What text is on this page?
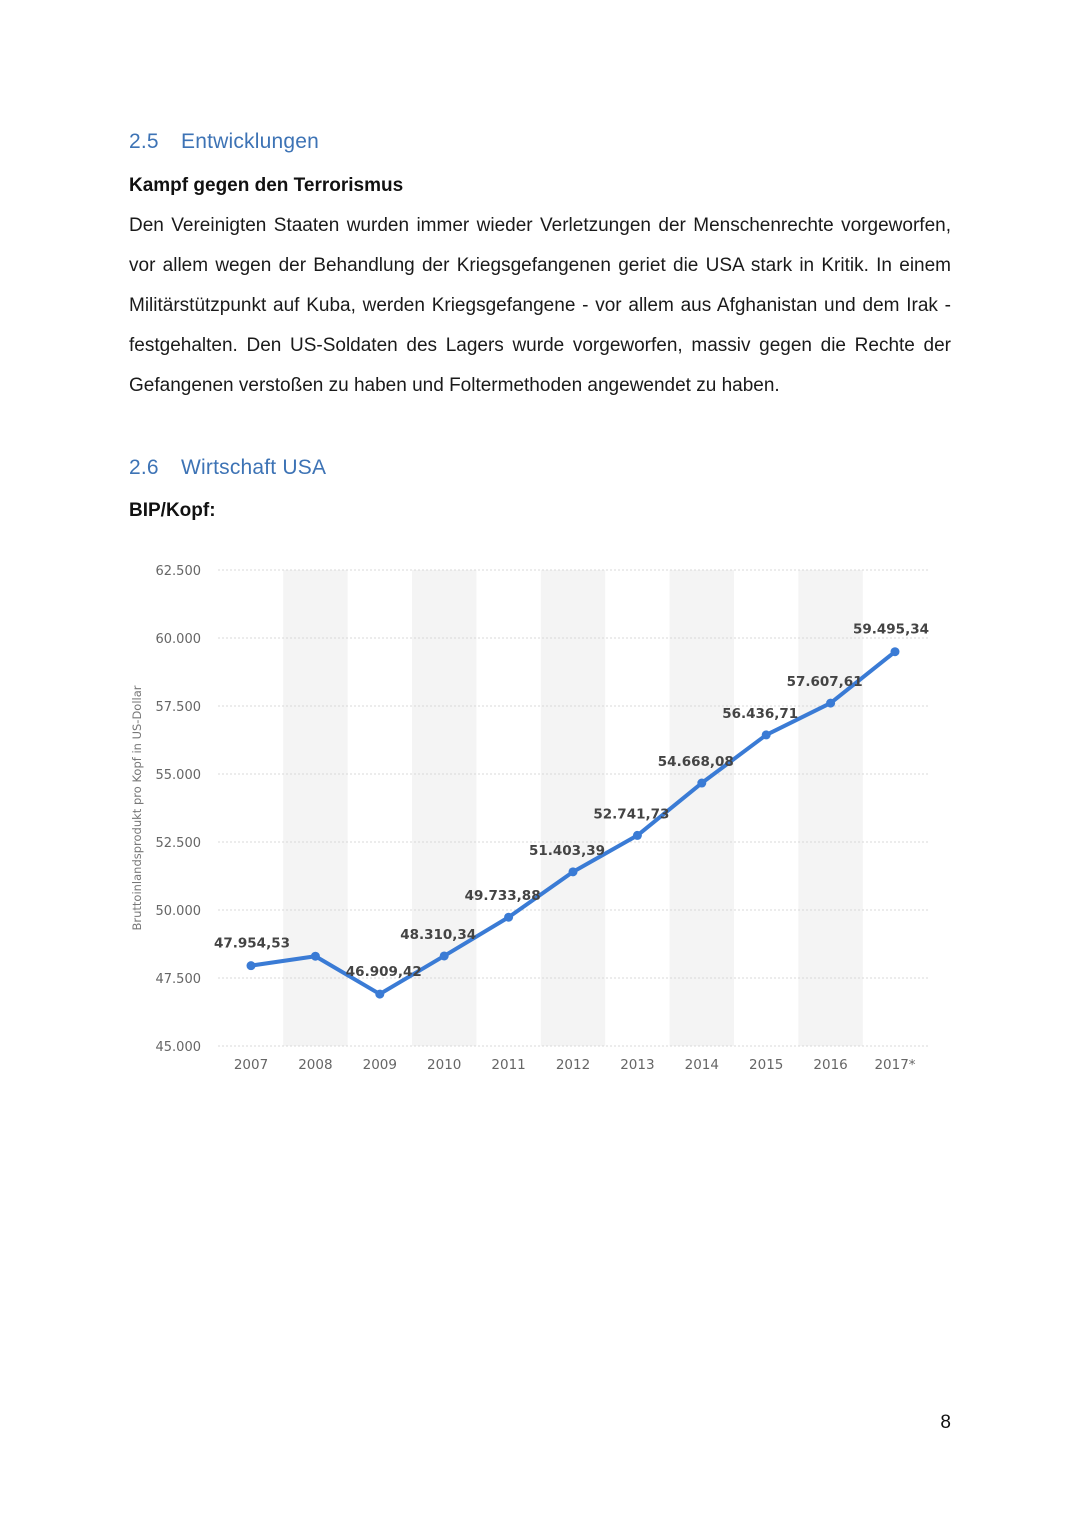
2.5 Entwicklungen
Kampf gegen den Terrorismus
Den Vereinigten Staaten wurden immer wieder Verletzungen der Menschenrechte vorgeworfen, vor allem wegen der Behandlung der Kriegsgefangenen geriet die USA stark in Kritik. In einem Militärstützpunkt auf Kuba, werden Kriegsgefangene - vor allem aus Afghanistan und dem Irak - festgehalten. Den US-Soldaten des Lagers wurde vorgeworfen, massiv gegen die Rechte der Gefangenen verstoßen zu haben und Foltermethoden angewendet zu haben.
2.6 Wirtschaft USA
BIP/Kopf:
62.500
60.000
57.500
55.000
52.500
50.000
47.500
45.000
Bruttoinlandsprodukt pro Kopf in US-Dollar
2007 2008 2009 2010 2011 2012 2013 2014 2015 2016 2017*
47.954,53
46.909,42
48.310,34
49.733,88
51.403,39
52.741,73
54.668,08
56.436,71
57.607,61
59.495,34
8
